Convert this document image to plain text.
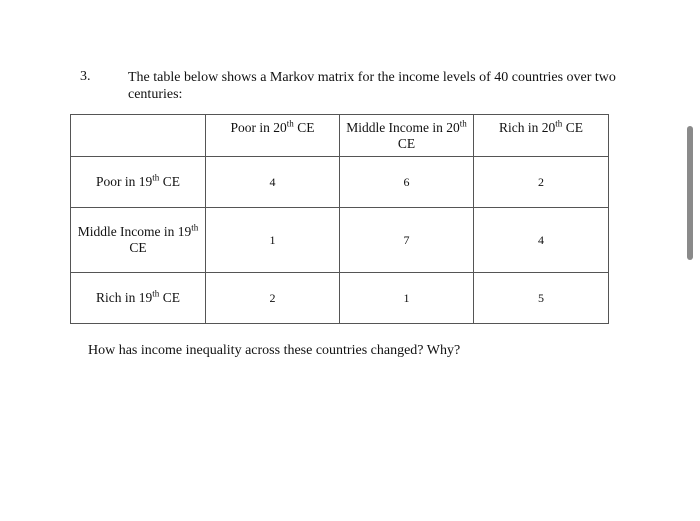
3.	The table below shows a Markov matrix for the income levels of 40 countries over two centuries:
	Poor in 20th CE	Middle Income in 20th CE	Rich in 20th CE
Poor in 19th CE	4	6	2
Middle Income in 19th CE	1	7	4
Rich in 19th CE	2	1	5
How has income inequality across these countries changed? Why?
